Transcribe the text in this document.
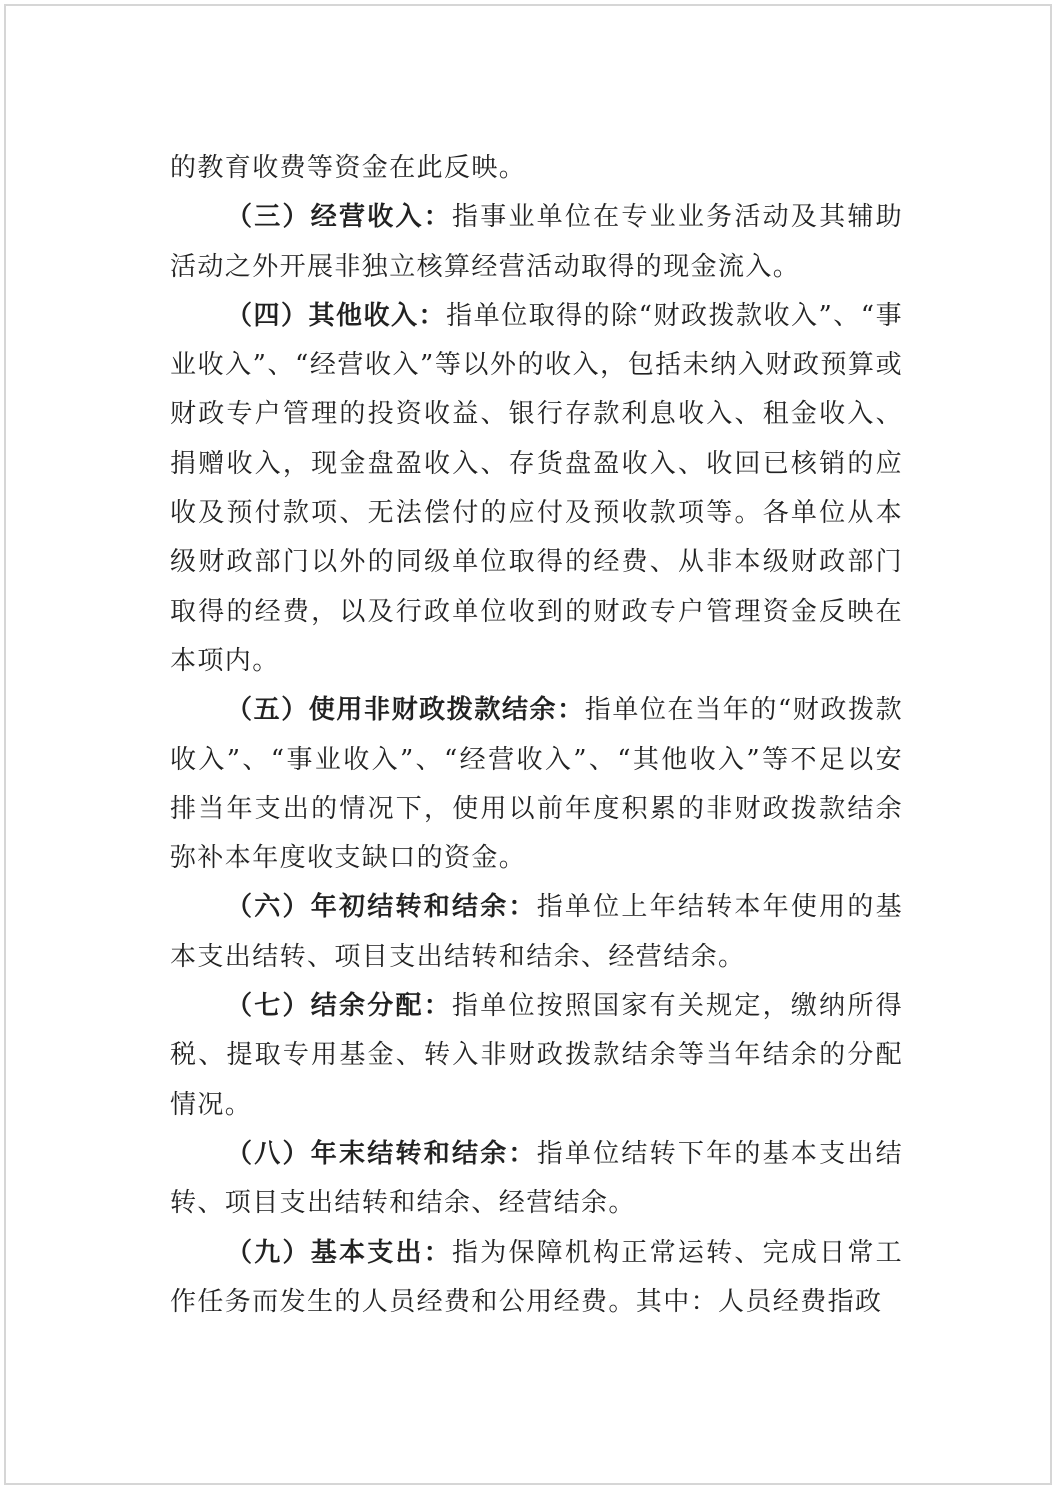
的教育收费等资金在此反映。

（三）经营收入：指事业单位在专业业务活动及其辅助活动之外开展非独立核算经营活动取得的现金流入。

（四）其他收入：指单位取得的除“财政拨款收入”、“事业收入”、“经营收入”等以外的收入，包括未纳入财政预算或财政专户管理的投资收益、银行存款利息收入、租金收入、捐赠收入，现金盘盈收入、存货盘盈收入、收回已核销的应收及预付款项、无法偿付的应付及预收款项等。各单位从本级财政部门以外的同级单位取得的经费、从非本级财政部门取得的经费，以及行政单位收到的财政专户管理资金反映在本项内。

（五）使用非财政拨款结余：指单位在当年的“财政拨款收入”、“事业收入”、“经营收入”、“其他收入”等不足以安排当年支出的情况下，使用以前年度积累的非财政拨款结余弥补本年度收支缺口的资金。

（六）年初结转和结余：指单位上年结转本年使用的基本支出结转、项目支出结转和结余、经营结余。

（七）结余分配：指单位按照国家有关规定，缴纳所得税、提取专用基金、转入非财政拨款结余等当年结余的分配情况。

（八）年末结转和结余：指单位结转下年的基本支出结转、项目支出结转和结余、经营结余。

（九）基本支出：指为保障机构正常运转、完成日常工作任务而发生的人员经费和公用经费。其中：人员经费指政
